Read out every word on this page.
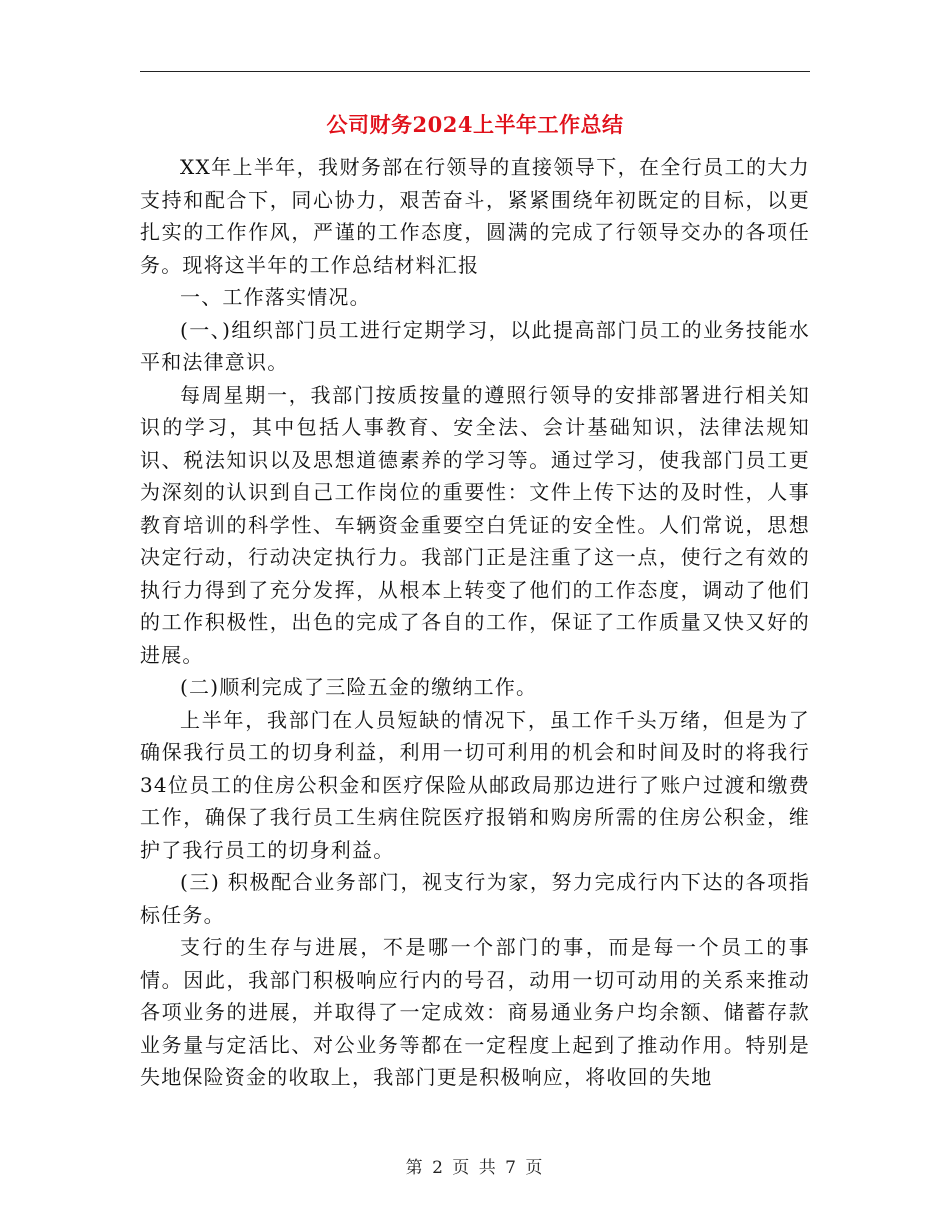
公司财务2024上半年工作总结

XX年上半年，我财务部在行领导的直接领导下，在全行员工的大力支持和配合下，同心协力，艰苦奋斗，紧紧围绕年初既定的目标，以更扎实的工作作风，严谨的工作态度，圆满的完成了行领导交办的各项任务。现将这半年的工作总结材料汇报

一、工作落实情况。

(一、)组织部门员工进行定期学习，以此提高部门员工的业务技能水平和法律意识。

每周星期一，我部门按质按量的遵照行领导的安排部署进行相关知识的学习，其中包括人事教育、安全法、会计基础知识，法律法规知识、税法知识以及思想道德素养的学习等。通过学习，使我部门员工更为深刻的认识到自己工作岗位的重要性：文件上传下达的及时性，人事教育培训的科学性、车辆资金重要空白凭证的安全性。人们常说，思想决定行动，行动决定执行力。我部门正是注重了这一点，使行之有效的执行力得到了充分发挥，从根本上转变了他们的工作态度，调动了他们的工作积极性，出色的完成了各自的工作，保证了工作质量又快又好的进展。

(二)顺利完成了三险五金的缴纳工作。

上半年，我部门在人员短缺的情况下，虽工作千头万绪，但是为了确保我行员工的切身利益，利用一切可利用的机会和时间及时的将我行34位员工的住房公积金和医疗保险从邮政局那边进行了账户过渡和缴费工作，确保了我行员工生病住院医疗报销和购房所需的住房公积金，维护了我行员工的切身利益。

(三) 积极配合业务部门，视支行为家，努力完成行内下达的各项指标任务。

支行的生存与进展，不是哪一个部门的事，而是每一个员工的事情。因此，我部门积极响应行内的号召，动用一切可动用的关系来推动各项业务的进展，并取得了一定成效：商易通业务户均余额、储蓄存款业务量与定活比、对公业务等都在一定程度上起到了推动作用。特别是失地保险资金的收取上，我部门更是积极响应，将收回的失地

第 2 页 共 7 页
